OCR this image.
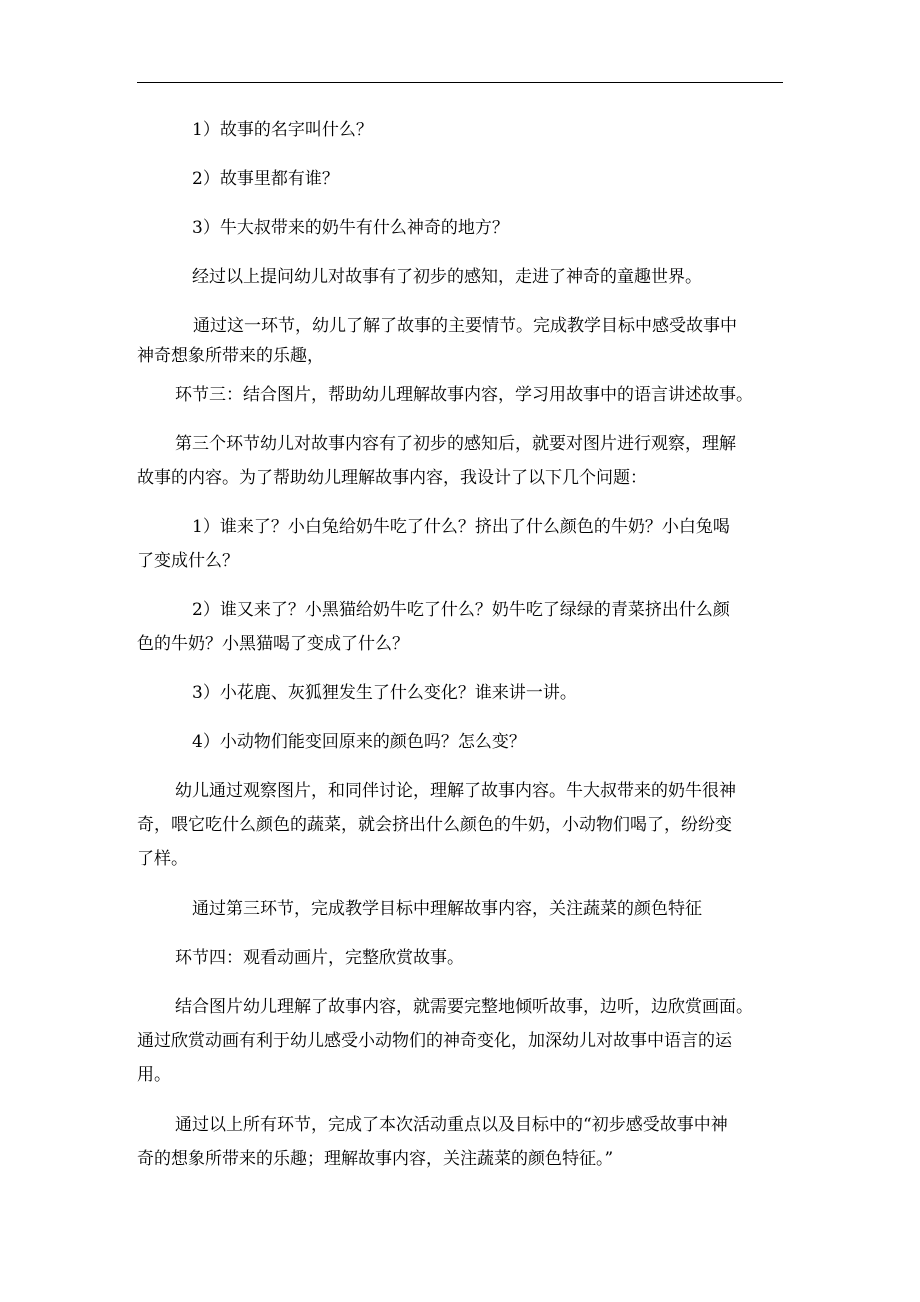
1）故事的名字叫什么？
2）故事里都有谁？
3）牛大叔带来的奶牛有什么神奇的地方？
经过以上提问幼儿对故事有了初步的感知，走进了神奇的童趣世界。
通过这一环节，幼儿了解了故事的主要情节。完成教学目标中感受故事中
神奇想象所带来的乐趣，
环节三：结合图片，帮助幼儿理解故事内容，学习用故事中的语言讲述故事。
第三个环节幼儿对故事内容有了初步的感知后，就要对图片进行观察，理解
故事的内容。为了帮助幼儿理解故事内容，我设计了以下几个问题：
1）谁来了？小白兔给奶牛吃了什么？挤出了什么颜色的牛奶？小白兔喝
了变成什么？
2）谁又来了？小黑猫给奶牛吃了什么？奶牛吃了绿绿的青菜挤出什么颜
色的牛奶？小黑猫喝了变成了什么？
3）小花鹿、灰狐狸发生了什么变化？谁来讲一讲。
4）小动物们能变回原来的颜色吗？怎么变？
幼儿通过观察图片，和同伴讨论，理解了故事内容。牛大叔带来的奶牛很神
奇，喂它吃什么颜色的蔬菜，就会挤出什么颜色的牛奶，小动物们喝了，纷纷变
了样。
通过第三环节，完成教学目标中理解故事内容，关注蔬菜的颜色特征
环节四：观看动画片，完整欣赏故事。
结合图片幼儿理解了故事内容，就需要完整地倾听故事，边听，边欣赏画面。
通过欣赏动画有利于幼儿感受小动物们的神奇变化，加深幼儿对故事中语言的运
用。
通过以上所有环节，完成了本次活动重点以及目标中的“初步感受故事中神
奇的想象所带来的乐趣；理解故事内容，关注蔬菜的颜色特征。”
